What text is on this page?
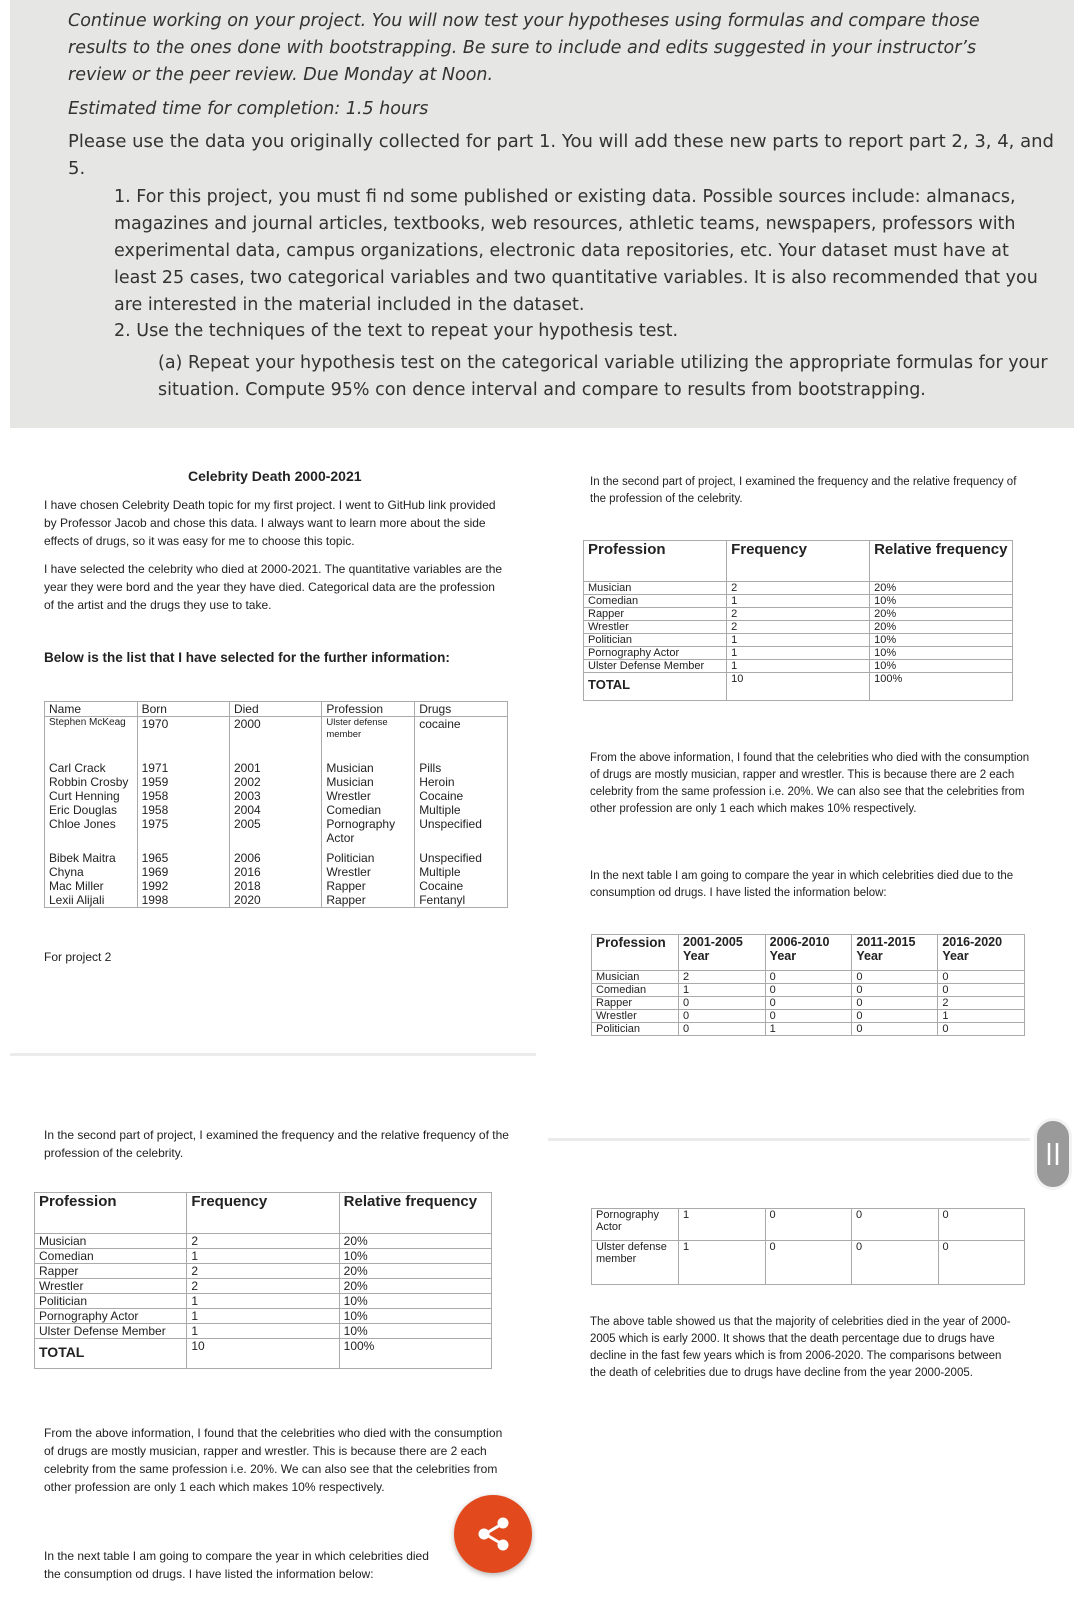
Continue working on your project. You will now test your hypotheses using formulas and compare those results to the ones done with bootstrapping. Be sure to include and edits suggested in your instructor’s review or the peer review. Due Monday at Noon.

Estimated time for completion: 1.5 hours

Please use the data you originally collected for part 1. You will add these new parts to report part 2, 3, 4, and 5.

1. For this project, you must fi nd some published or existing data. Possible sources include: almanacs, magazines and journal articles, textbooks, web resources, athletic teams, newspapers, professors with experimental data, campus organizations, electronic data repositories, etc. Your dataset must have at least 25 cases, two categorical variables and two quantitative variables. It is also recommended that you are interested in the material included in the dataset.

2. Use the techniques of the text to repeat your hypothesis test.

(a) Repeat your hypothesis test on the categorical variable utilizing the appropriate formulas for your situation. Compute 95% con dence interval and compare to results from bootstrapping.

Celebrity Death 2000-2021
I have chosen Celebrity Death topic for my first project. I went to GitHub link provided by Professor Jacob and chose this data. I always want to learn more about the side effects of drugs, so it was easy for me to choose this topic.
I have selected the celebrity who died at 2000-2021. The quantitative variables are the year they were bord and the year they have died. Categorical data are the profession of the artist and the drugs they use to take.
Below is the list that I have selected for the further information:
Name	Born	Died	Profession	Drugs
Stephen McKeag	1970	2000	Ulster defense member	cocaine
Carl Crack	1971	2001	Musician	Pills
Robbin Crosby	1959	2002	Musician	Heroin
Curt Henning	1958	2003	Wrestler	Cocaine
Eric Douglas	1958	2004	Comedian	Multiple
Chloe Jones	1975	2005	Pornography Actor	Unspecified
Bibek Maitra	1965	2006	Politician	Unspecified
Chyna	1969	2016	Wrestler	Multiple
Mac Miller	1992	2018	Rapper	Cocaine
Lexii Alijali	1998	2020	Rapper	Fentanyl
For project 2
In the second part of project, I examined the frequency and the relative frequency of the profession of the celebrity.
Profession	Frequency	Relative frequency
Musician	2	20%
Comedian	1	10%
Rapper	2	20%
Wrestler	2	20%
Politician	1	10%
Pornography Actor	1	10%
Ulster Defense Member	1	10%
TOTAL	10	100%
From the above information, I found that the celebrities who died with the consumption of drugs are mostly musician, rapper and wrestler. This is because there are 2 each celebrity from the same profession i.e. 20%. We can also see that the celebrities from other profession are only 1 each which makes 10% respectively.
In the next table I am going to compare the year in which celebrities died due to the consumption od drugs. I have listed the information below:
Profession	2001-2005 Year	2006-2010 Year	2011-2015 Year	2016-2020 Year
Musician	2	0	0	0
Comedian	1	0	0	0
Rapper	0	0	0	2
Wrestler	0	0	0	1
Politician	0	1	0	0
Pornography Actor	1	0	0	0
Ulster defense member	1	0	0	0
The above table showed us that the majority of celebrities died in the year of 2000-2005 which is early 2000. It shows that the death percentage due to drugs have decline in the fast few years which is from 2006-2020. The comparisons between the death of celebrities due to drugs have decline from the year 2000-2005.
In the second part of project, I examined the frequency and the relative frequency of the profession of the celebrity.
Profession	Frequency	Relative frequency
Musician	2	20%
Comedian	1	10%
Rapper	2	20%
Wrestler	2	20%
Politician	1	10%
Pornography Actor	1	10%
Ulster Defense Member	1	10%
TOTAL	10	100%
From the above information, I found that the celebrities who died with the consumption of drugs are mostly musician, rapper and wrestler. This is because there are 2 each celebrity from the same profession i.e. 20%. We can also see that the celebrities from other profession are only 1 each which makes 10% respectively.
In the next table I am going to compare the year in which celebrities died
the consumption od drugs. I have listed the information below:
